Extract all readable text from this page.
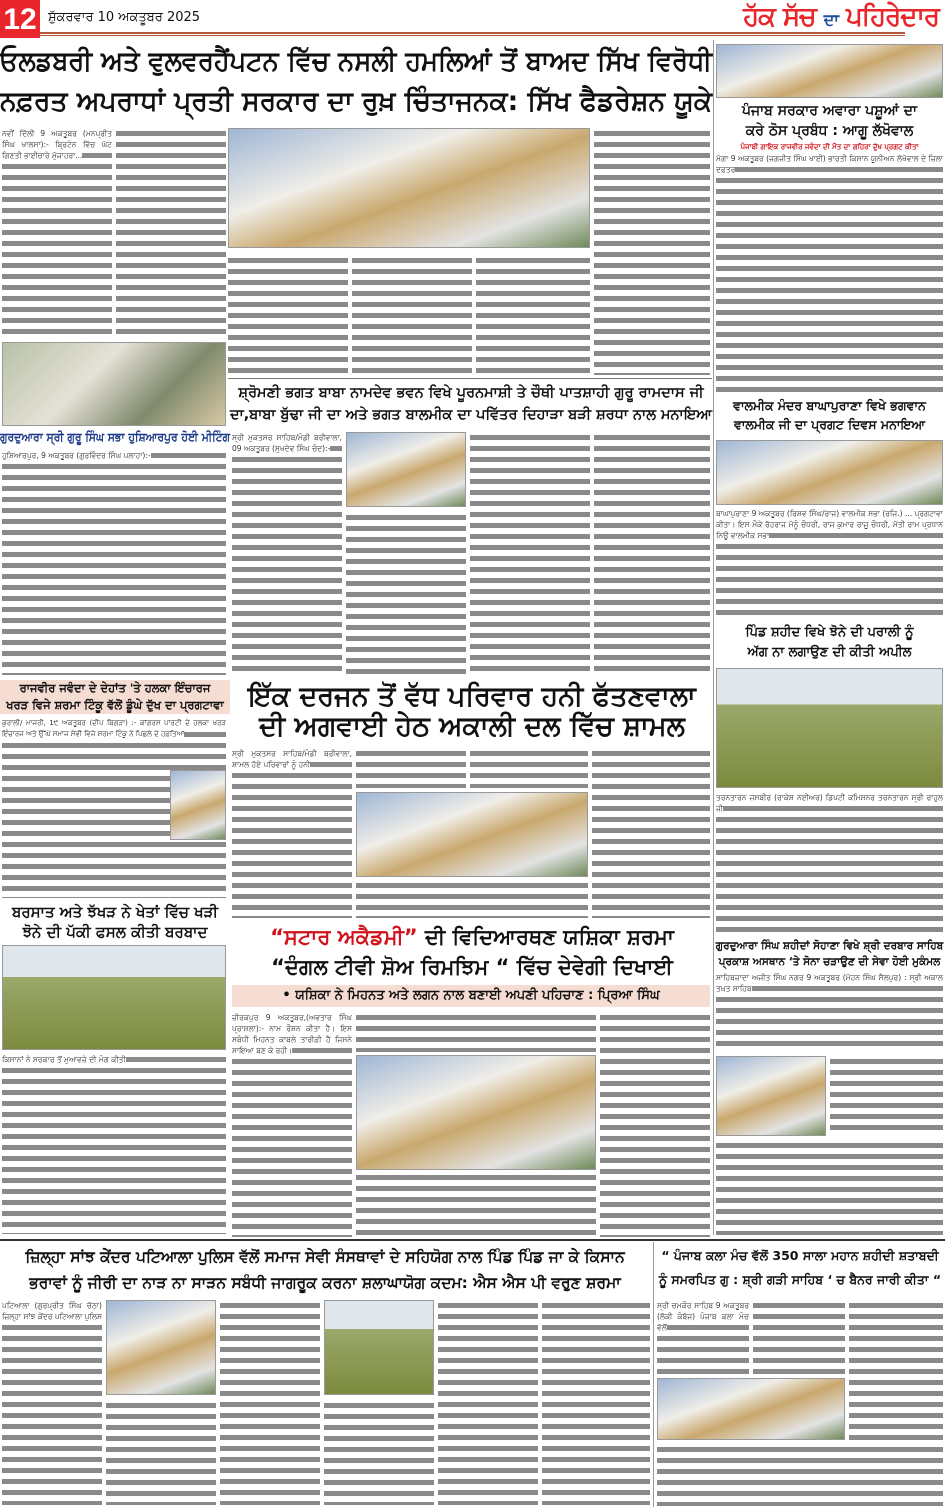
12 ਸ਼ੁੱਕਰਵਾਰ 10 ਅਕਤੂਬਰ 2025	ਹੱਕ ਸੱਚ ਦਾ ਪਹਿਰੇਦਾਰ
ਓਲਡਬਰੀ ਅਤੇ ਵੁਲਵਰਹੈਂਪਟਨ ਵਿੱਚ ਨਸਲੀ ਹਮਲਿਆਂ ਤੋਂ ਬਾਅਦ ਸਿੱਖ ਵਿਰੋਧੀ
ਨਫ਼ਰਤ ਅਪਰਾਧਾਂ ਪ੍ਰਤੀ ਸਰਕਾਰ ਦਾ ਰੁਖ਼ ਚਿੰਤਾਜਨਕ: ਸਿੱਖ ਫੈਡਰੇਸ਼ਨ ਯੂਕੇ
ਨਵੀਂ ਦਿੱਲੀ 9 ਅਕਤੂਬਰ (ਮਨਪ੍ਰੀਤ ਸਿੰਘ ਖਾਲਸਾ):- ਬ੍ਰਿਟੇਨ ਵਿੱਚ ਘੱਟ ਗਿਣਤੀ ਭਾਈਚਾਰੇ ਮੁੱਜਾਹਰਾ...
ਗੁਰਦੁਆਰਾ ਸ੍ਰੀ ਗੁਰੂ ਸਿੰਘ ਸਭਾ ਹੁਸ਼ਿਆਰਪੁਰ ਹੋਈ ਮੀਟਿੰਗ
ਹੁਸ਼ਿਆਰਪੁਰ, 9 ਅਕਤੂਬਰ (ਗੁਰਵਿੰਦਰ ਸਿੰਘ ਪਲਾਹਾ):-
ਰਾਜਵੀਰ ਜਵੰਦਾ ਦੇ ਦੇਹਾਂਤ 'ਤੇ ਹਲਕਾ ਇੰਚਾਰਜ
ਖਰੜ ਵਿਜੇ ਸ਼ਰਮਾ ਟਿੰਕੂ ਵੱਲੋਂ ਡੂੰਘੇ ਦੁੱਖ ਦਾ ਪ੍ਰਗਟਾਵਾ
ਕੁਰਾਲੀ/ ਮਾਜਰੀ, 1੯ ਅਕਤੂਬਰ (ਦੀਪ ਬਿਗੜਾ) :- ਕਾਂਗਰਸ ਪਾਰਟੀ ਦੇ ਹਲਕਾ ਖਰੜ ਇੰਚਾਰਜ ਅਤੇ ਉੱਘੇ ਸਮਾਜ ਸੇਵੀ ਵਿਜੇ ਸ਼ਰਮਾ ਟਿੰਕੂ ਨੇ ਪਿਛਲੇ ਦੇ ਹਫ਼ਤਿਆਂ
ਬਰਸਾਤ ਅਤੇ ਝੱਖੜ ਨੇ ਖੇਤਾਂ ਵਿੱਚ ਖੜੀ
ਝੋਨੇ ਦੀ ਪੱਕੀ ਫਸਲ ਕੀਤੀ ਬਰਬਾਦ
ਕਿਸਾਨਾਂ ਨੇ ਸਰਕਾਰ ਤੋਂ ਮੁਆਵਜ਼ੇ ਦੀ ਮੰਗ ਕੀਤੀ
ਸ਼੍ਰੋਮਣੀ ਭਗਤ ਬਾਬਾ ਨਾਮਦੇਵ ਭਵਨ ਵਿਖੇ ਪੂਰਨਮਾਸ਼ੀ ਤੇ ਚੌਥੀ ਪਾਤਸ਼ਾਹੀ ਗੁਰੂ ਰਾਮਦਾਸ ਜੀ
ਦਾ,ਬਾਬਾ ਬੁੱਢਾ ਜੀ ਦਾ ਅਤੇ ਭਗਤ ਬਾਲਮੀਕ ਦਾ ਪਵਿੱਤਰ ਦਿਹਾੜਾ ਬੜੀ ਸ਼ਰਧਾ ਨਾਲ ਮਨਾਇਆ
ਸ੍ਰੀ ਮੁਕਤਸਰ ਸਾਹਿਬ/ਮੰਡੀ ਬਰੀਵਾਲਾ, 09 ਅਕਤੂਬਰ (ਸੁਖਦੇਵ ਸਿੰਘ ਚੰਦ):-
ਇੱਕ ਦਰਜਨ ਤੋਂ ਵੱਧ ਪਰਿਵਾਰ ਹਨੀ ਫੱਤਣਵਾਲਾ
ਦੀ ਅਗਵਾਈ ਹੇਠ ਅਕਾਲੀ ਦਲ ਵਿੱਚ ਸ਼ਾਮਲ
ਸ੍ਰੀ ਮੁਕਤਸਰ ਸਾਹਿਬ/ਮੰਡੀ ਬਰੀਵਾਲਾ, ਸ਼ਾਮਲ ਹੋਏ ਪਰਿਵਾਰਾਂ ਨੂੰ ਹਨੀ
“ਸਟਾਰ ਅਕੈਡਮੀ” ਦੀ ਵਿਦਿਆਰਥਣ ਯਸ਼ਿਕਾ ਸ਼ਰਮਾ
“ਦੰਗਲ ਟੀਵੀ ਸ਼ੋਅ ਰਿਮਝਿਮ “ ਵਿੱਚ ਦੇਵੇਗੀ ਦਿਖਾਈ
• ਯਸ਼ਿਕਾ ਨੇ ਮਿਹਨਤ ਅਤੇ ਲਗਨ ਨਾਲ ਬਣਾਈ ਅਪਣੀ ਪਹਿਚਾਣ : ਪ੍ਰਿਆ ਸਿੰਘ
ਜ਼ੀਰਕਪੁਰ 9 ਅਕਤੂਬਰ,(ਅਵਤਾਰ ਸਿੰਘ ਪ੍ਰਾਸ਼ਲਾ):- ਨਾਮ ਰੌਸ਼ਨ ਕੀਤਾ ਹੈ। ਇਸ ਸਬੰਧੀ ਮਿਹਨਤ ਕਾਬਲੇ ਤਾਰੀਫ਼ੀ ਹੈ ਜਿਸਨੇ ਸਾਇਆ ਬਣ ਕੇ ਰਹੀ।
ਪੰਜਾਬ ਸਰਕਾਰ ਅਵਾਰਾ ਪਸ਼ੂਆਂ ਦਾ
ਕਰੇ ਠੋਸ ਪ੍ਰਬੰਧ : ਆਗੂ ਲੱਖੋਵਾਲ
ਪੰਜਾਬੀ ਗਾਇਕ ਰਾਜਵੀਰ ਜਵੰਦਾ ਦੀ ਮੌਤ ਦਾ ਗਹਿਰਾ ਦੁੱਖ ਪ੍ਰਗਟ ਕੀਤਾ
ਮੋਗਾ 9 ਅਕਤੂਬਰ (ਜਗਜੀਤ ਸਿੰਘ ਖਾਈ) ਭਾਰਤੀ ਕਿਸਾਨ ਯੂਨੀਅਨ ਲੱਖੋਵਾਲ ਦੇ ਜ਼ਿਲਾ ਦਫਤਰ
ਵਾਲਮੀਕ ਮੰਦਰ ਬਾਘਾਪੁਰਾਣਾ ਵਿਖੇ ਭਗਵਾਨ
ਵਾਲਮੀਕ ਜੀ ਦਾ ਪ੍ਰਗਟ ਦਿਵਸ ਮਨਾਇਆ
ਬਾਘਾਪੁਰਾਣਾ 9 ਅਕਤੂਬਰ (ਰਿਸ਼ਵ ਸਿੰਘ/ਰਾਜ) ਵਾਲਮੀਕ ਸਭਾ (ਰਜਿ.) ... ਪ੍ਰਗਟਾਵਾ ਕੀਤਾ। ਇਸ ਮੌਕੇ ਰੋਹਰਾਜ ਮੋਨੂੰ ਚੌਧਰੀ, ਰਾਜ ਕੁਮਾਰ ਰਾਜੂ ਚੌਧਰੀ, ਮੋਤੀ ਰਾਮ ਪ੍ਰਧਾਨ ਨਿਊ ਵਾਲਮੀਕ ਸਭਾ
ਪਿੰਡ ਸ਼ਹੀਦ ਵਿਖੇ ਝੋਨੇ ਦੀ ਪਰਾਲੀ ਨੂੰ
ਅੱਗ ਨਾ ਲਗਾਉਣ ਦੀ ਕੀਤੀ ਅਪੀਲ
ਤਰਨਤਾਰਨ ਜਸਬੀਰ (ਰਾਕੇਸ਼ ਨਈਅਰ) ਡਿਪਟੀ ਕਮਿਸ਼ਨਰ ਤਰਨਤਾਰਨ ਸ੍ਰੀ ਰਾਹੁਲ ਜੀ
ਗੁਰਦੁਆਰਾ ਸਿੰਘ ਸ਼ਹੀਦਾਂ ਸੋਹਾਣਾ ਵਿਖੇ ਸ਼੍ਰੀ ਦਰਬਾਰ ਸਾਹਿਬ
ਪ੍ਰਕਾਸ਼ ਅਸਥਾਨ ‘ਤੇ ਸੋਨਾ ਚੜਾਉਣ ਦੀ ਸੇਵਾ ਹੋਈ ਮੁਕੰਮਲ
ਸਾਹਿਬਜ਼ਾਦਾ ਅਜੀਤ ਸਿੰਘ ਨਗਰ 9 ਅਕਤੂਬਰ (ਮੋਹਨ ਸਿੰਘ ਸੈਲਪੁਰ) : ਸ੍ਰੀ ਅਕਾਲ ਤਖ਼ਤ ਸਾਹਿਬ
ਜ਼ਿਲ੍ਹਾ ਸਾਂਝ ਕੇਂਦਰ ਪਟਿਆਲਾ ਪੁਲਿਸ ਵੱਲੋਂ ਸਮਾਜ ਸੇਵੀ ਸੰਸਥਾਵਾਂ ਦੇ ਸਹਿਯੋਗ ਨਾਲ ਪਿੰਡ ਪਿੰਡ ਜਾ ਕੇ ਕਿਸਾਨ
ਭਰਾਵਾਂ ਨੂੰ ਜੀਰੀ ਦਾ ਨਾੜ ਨਾ ਸਾੜਨ ਸਬੰਧੀ ਜਾਗਰੂਕ ਕਰਨਾ ਸ਼ਲਾਘਾਯੋਗ ਕਦਮ: ਐਸ ਐਸ ਪੀ ਵਰੁਣ ਸ਼ਰਮਾ
ਪਟਿਆਲਾ (ਗੁਰਪ੍ਰੀਤ ਸਿੰਘ ਚੱਠਾ) ਜ਼ਿਲ੍ਹਾ ਸਾਂਝ ਕੇਂਦਰ ਪਟਿਆਲਾ ਪੁਲਿਸ
“ ਪੰਜਾਬ ਕਲਾ ਮੰਚ ਵੱਲੋਂ 350 ਸਾਲਾ ਮਹਾਨ ਸ਼ਹੀਦੀ ਸ਼ਤਾਬਦੀ
ਨੂੰ ਸਮਰਪਿਤ ਗੁ : ਸ਼੍ਰੀ ਗੜੀ ਸਾਹਿਬ ‘ ਚ ਬੈਨਰ ਜਾਰੀ ਕੀਤਾ “
ਸ੍ਰੀ ਚਮਕੌਰ ਸਾਹਿਬ 9 ਅਕਤੂਬਰ (ਲੱਕੀ ਕੰਬੋਜ) ਪੰਜਾਬ ਕਲਾ ਮੰਚ ਵੱਲੋਂ
